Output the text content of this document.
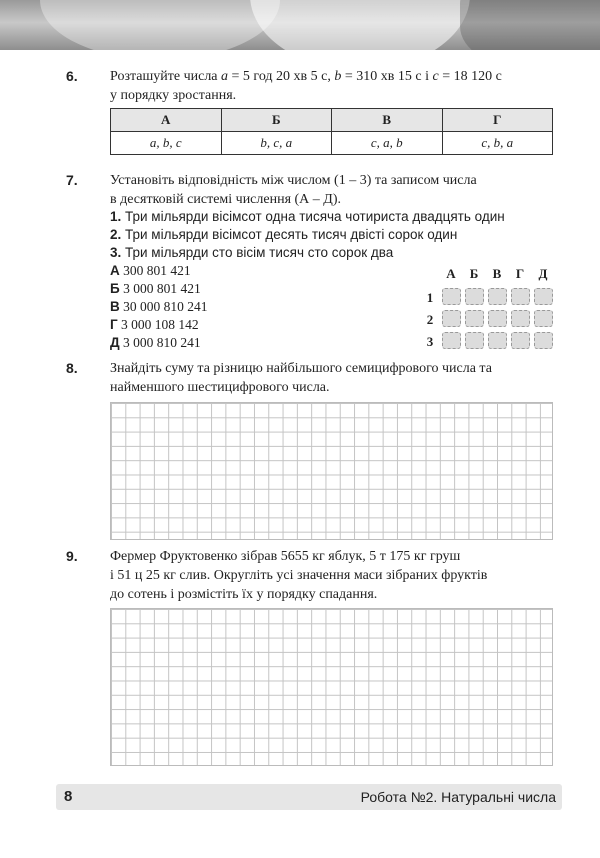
6. Розташуйте числа a = 5 год 20 хв 5 с, b = 310 хв 15 с і c = 18 120 с
у порядку зростання.
А	Б	В	Г
a, b, c	b, c, a	c, a, b	c, b, a
7. Установіть відповідність між числом (1 – 3) та записом числа
в десятковій системі числення (А – Д).
1. Три мільярди вісімсот одна тисяча чотириста двадцять один
2. Три мільярди вісімсот десять тисяч двісті сорок один
3. Три мільярди сто вісім тисяч сто сорок два
А 300 801 421
Б 3 000 801 421
В 30 000 810 241
Г 3 000 108 142
Д 3 000 810 241
А	Б	В	Г	Д
1
2
3
8. Знайдіть суму та різницю найбільшого семицифрового числа та
найменшого шестицифрового числа.
9. Фермер Фруктовенко зібрав 5655 кг яблук, 5 т 175 кг груш
і 51 ц 25 кг слив. Округліть усі значення маси зібраних фруктів
до сотень і розмістіть їх у порядку спадання.
8	Робота №2. Натуральні числа
